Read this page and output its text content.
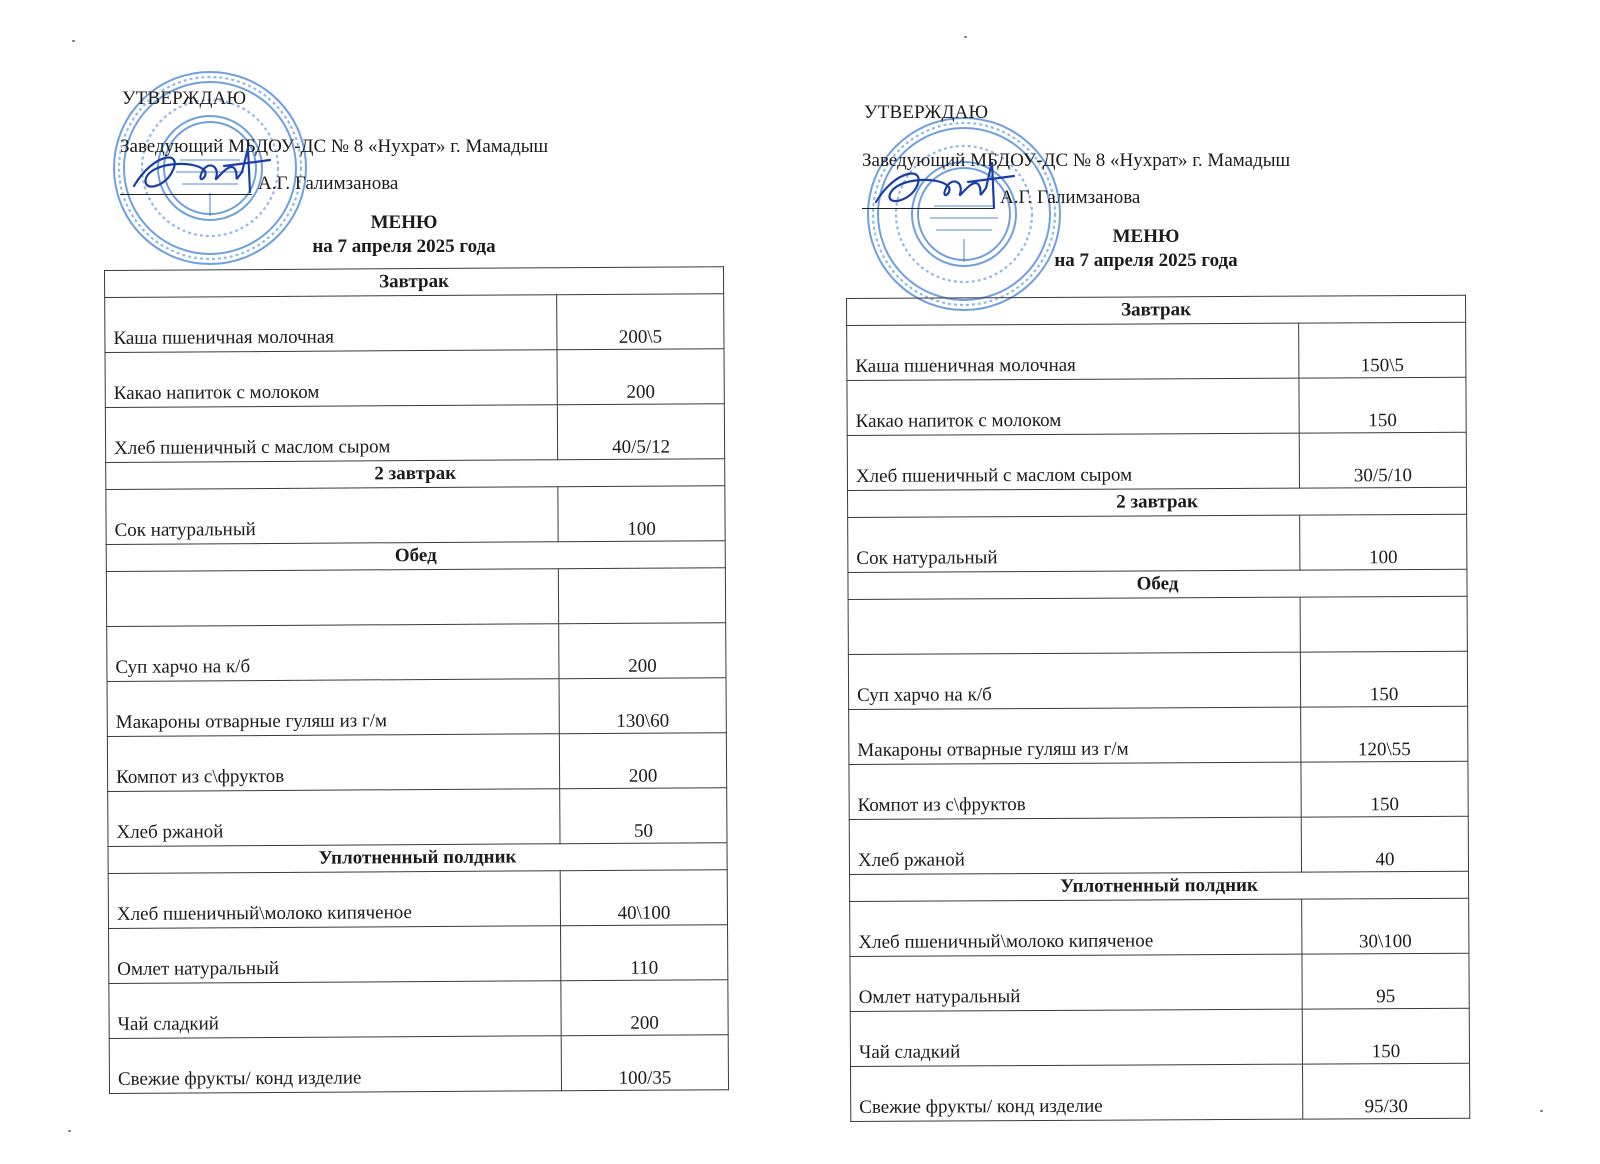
УТВЕРЖДАЮ
Заведующий МБДОУ-ДС № 8 «Нухрат» г. Мамадыш
А.Г. Галимзанова
МЕНЮ
на 7 апреля 2025 года
Завтрак	
Каша пшеничная молочная	200\5
Какао напиток с молоком	200
Хлеб пшеничный с маслом сыром	40/5/12
2 завтрак	
Сок натуральный	100
Обед	

Суп харчо на к/б	200
Макароны отварные гуляш из г/м	130\60
Компот из с\фруктов	200
Хлеб ржаной	50
Уплотненный полдник	
Хлеб пшеничный\молоко кипяченое	40\100
Омлет натуральный	110
Чай сладкий	200
Свежие фрукты/ конд изделие	100/35
УТВЕРЖДАЮ
Заведующий МБДОУ-ДС № 8 «Нухрат» г. Мамадыш
А.Г. Галимзанова
МЕНЮ
на 7 апреля 2025 года
Завтрак	
Каша пшеничная молочная	150\5
Какао напиток с молоком	150
Хлеб пшеничный с маслом сыром	30/5/10
2 завтрак	
Сок натуральный	100
Обед	

Суп харчо на к/б	150
Макароны отварные гуляш из г/м	120\55
Компот из с\фруктов	150
Хлеб ржаной	40
Уплотненный полдник	
Хлеб пшеничный\молоко кипяченое	30\100
Омлет натуральный	95
Чай сладкий	150
Свежие фрукты/ конд изделие	95/30
